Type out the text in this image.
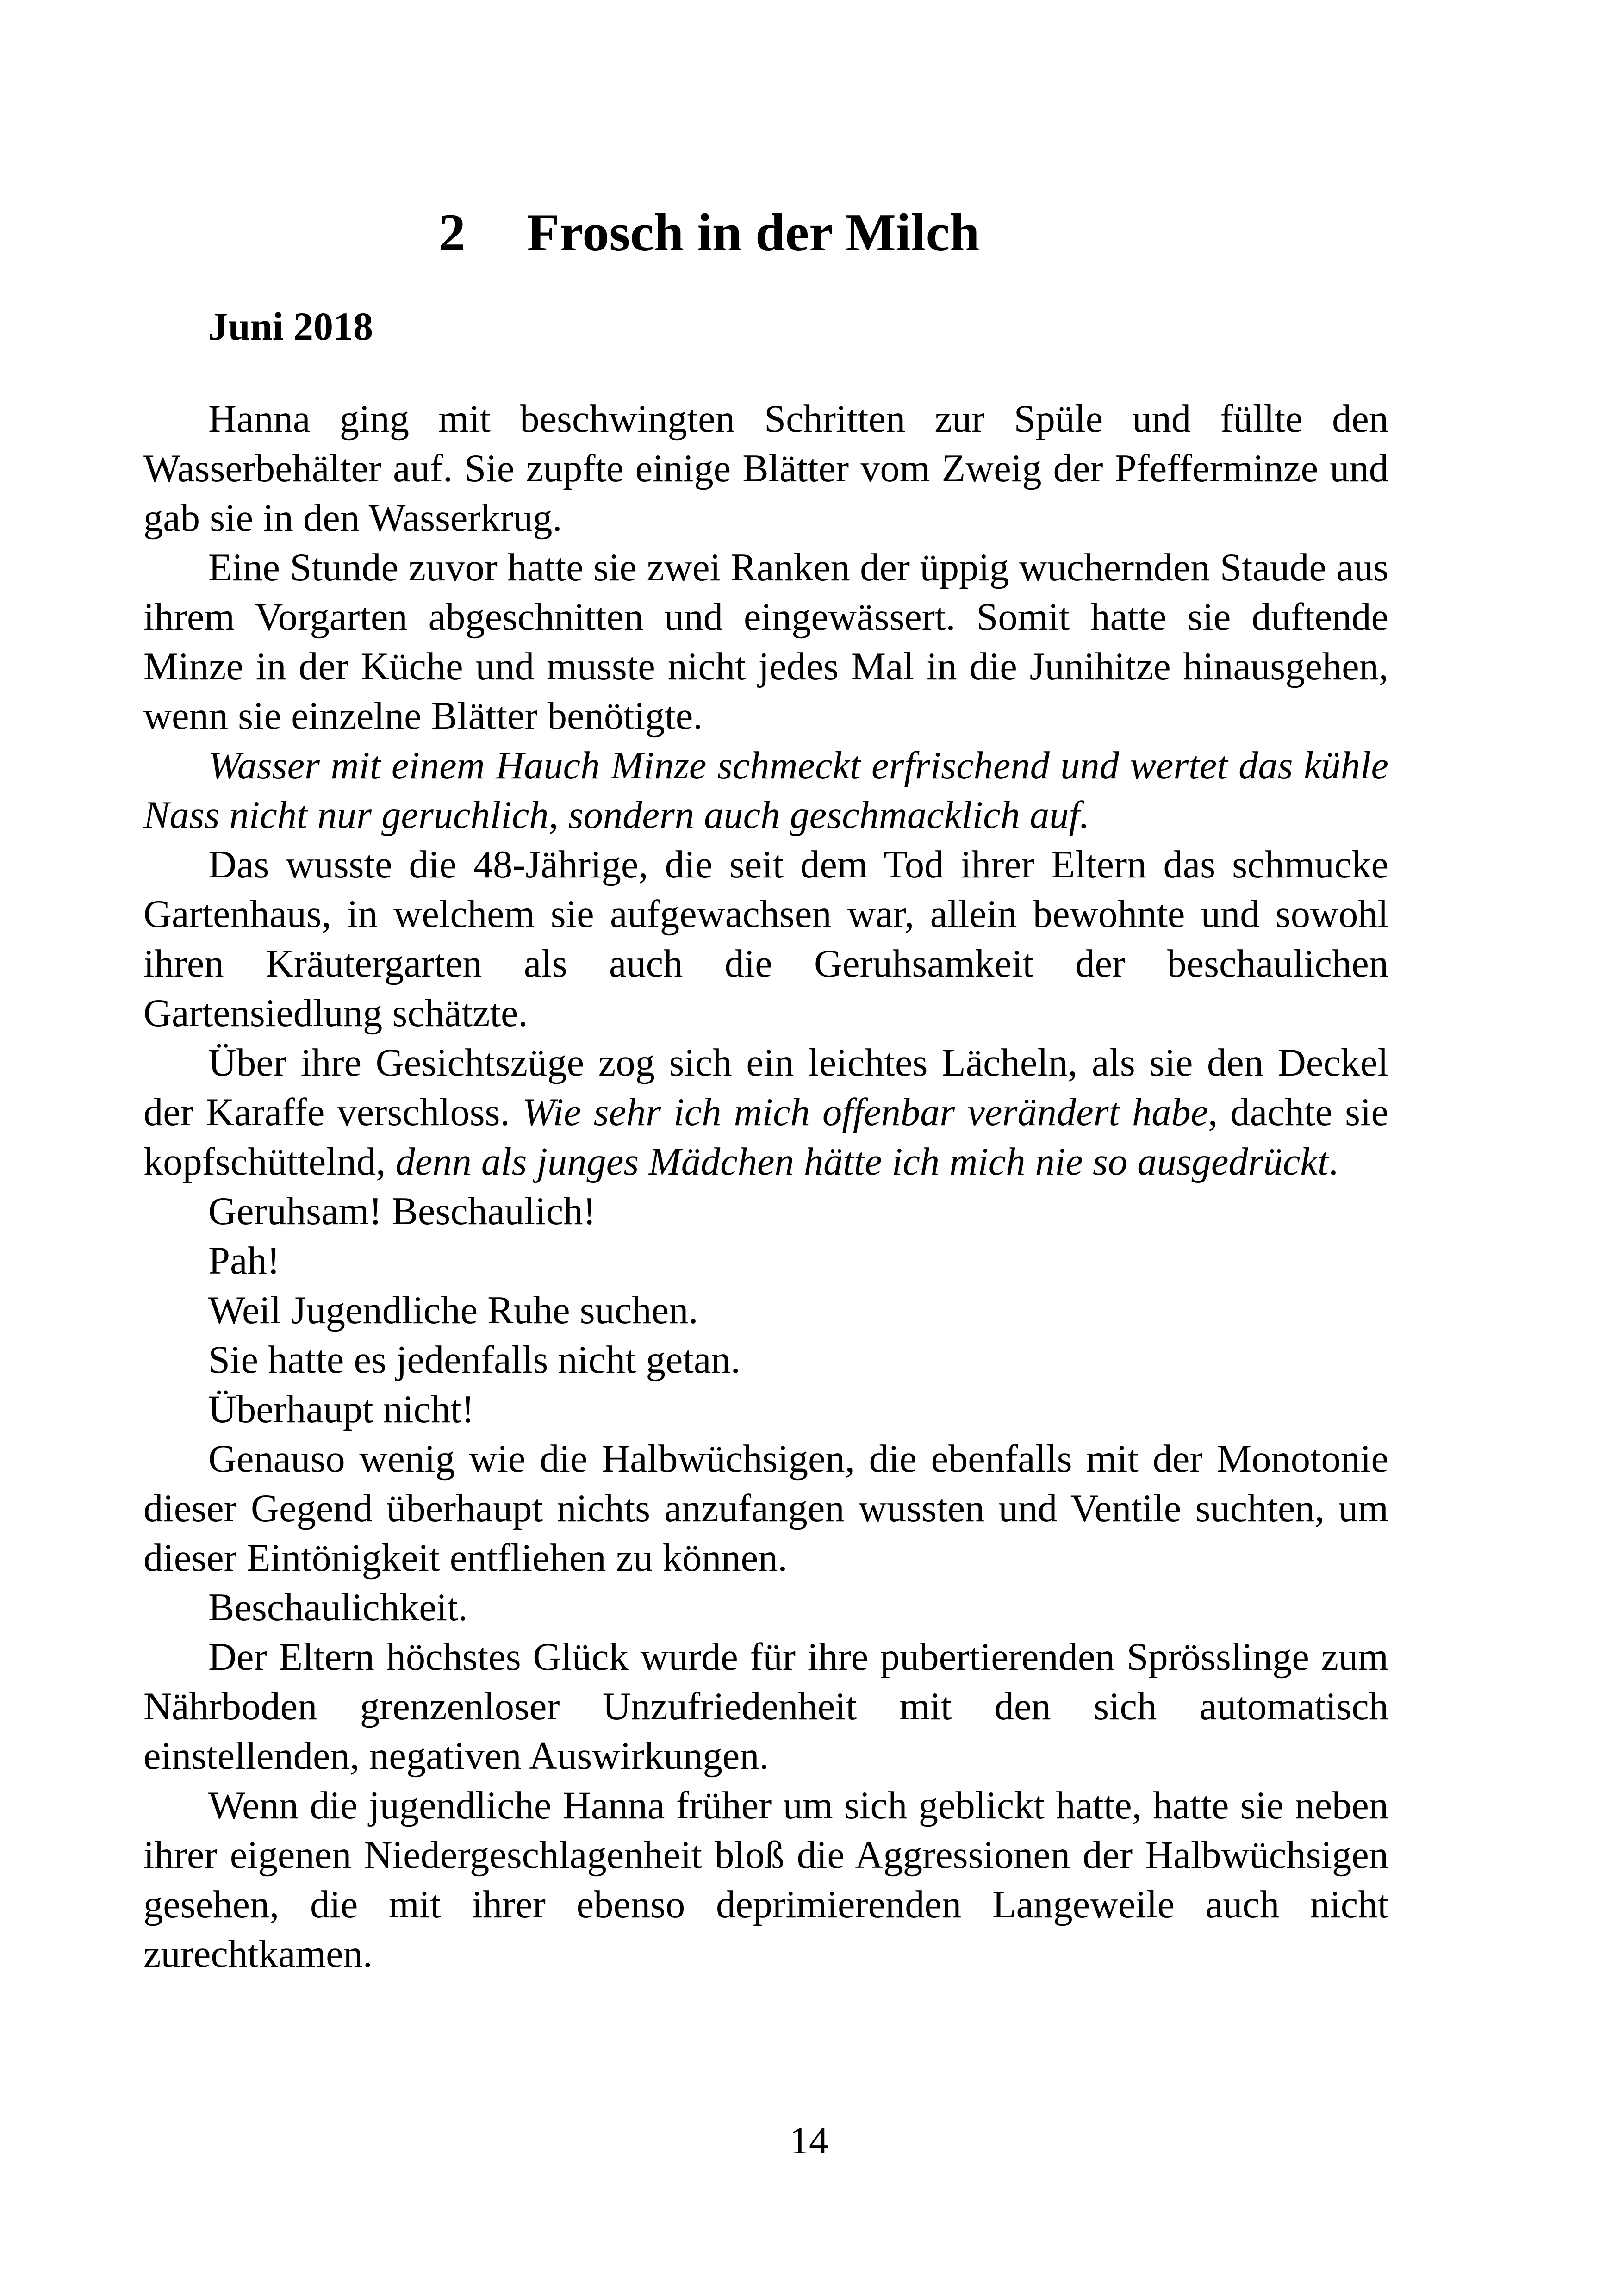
2 Frosch in der Milch
Juni 2018

Hanna ging mit beschwingten Schritten zur Spüle und füllte den Wasserbehälter auf. Sie zupfte einige Blätter vom Zweig der Pfefferminze und gab sie in den Wasserkrug.

Eine Stunde zuvor hatte sie zwei Ranken der üppig wuchernden Staude aus ihrem Vorgarten abgeschnitten und eingewässert. Somit hatte sie duftende Minze in der Küche und musste nicht jedes Mal in die Junihitze hinausgehen, wenn sie einzelne Blätter benötigte.

Wasser mit einem Hauch Minze schmeckt erfrischend und wertet das kühle Nass nicht nur geruchlich, sondern auch geschmacklich auf.

Das wusste die 48-Jährige, die seit dem Tod ihrer Eltern das schmucke Gartenhaus, in welchem sie aufgewachsen war, allein bewohnte und sowohl ihren Kräutergarten als auch die Geruhsamkeit der beschaulichen Gartensiedlung schätzte.

Über ihre Gesichtszüge zog sich ein leichtes Lächeln, als sie den Deckel der Karaffe verschloss. Wie sehr ich mich offenbar verändert habe, dachte sie kopfschüttelnd, denn als junges Mädchen hätte ich mich nie so ausgedrückt.

Geruhsam! Beschaulich!

Pah!

Weil Jugendliche Ruhe suchen.

Sie hatte es jedenfalls nicht getan.

Überhaupt nicht!

Genauso wenig wie die Halbwüchsigen, die ebenfalls mit der Monotonie dieser Gegend überhaupt nichts anzufangen wussten und Ventile suchten, um dieser Eintönigkeit entfliehen zu können.

Beschaulichkeit.

Der Eltern höchstes Glück wurde für ihre pubertierenden Sprösslinge zum Nährboden grenzenloser Unzufriedenheit mit den sich automatisch einstellenden, negativen Auswirkungen.

Wenn die jugendliche Hanna früher um sich geblickt hatte, hatte sie neben ihrer eigenen Niedergeschlagenheit bloß die Aggressionen der Halbwüchsigen gesehen, die mit ihrer ebenso deprimierenden Langeweile auch nicht zurechtkamen.

14
